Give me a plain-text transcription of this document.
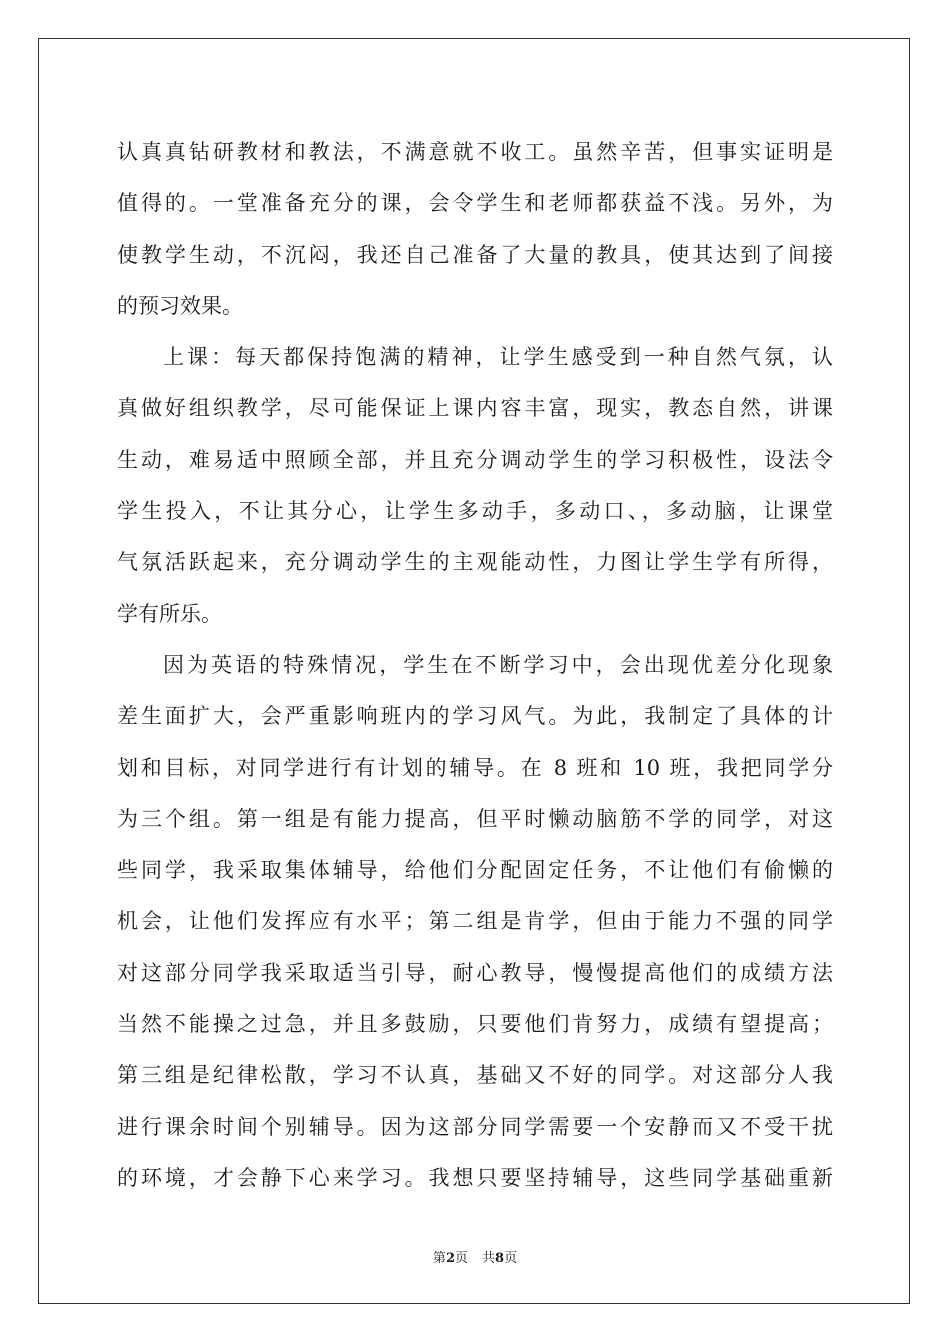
认真真钻研教材和教法，不满意就不收工。虽然辛苦，但事实证明是
值得的。一堂准备充分的课，会令学生和老师都获益不浅。另外，为
使教学生动，不沉闷，我还自己准备了大量的教具，使其达到了间接
的预习效果。
上课：每天都保持饱满的精神，让学生感受到一种自然气氛，认
真做好组织教学，尽可能保证上课内容丰富，现实，教态自然，讲课
生动，难易适中照顾全部，并且充分调动学生的学习积极性，设法令
学生投入，不让其分心，让学生多动手，多动口、，多动脑，让课堂
气氛活跃起来，充分调动学生的主观能动性，力图让学生学有所得，
学有所乐。
因为英语的特殊情况，学生在不断学习中，会出现优差分化现象
差生面扩大，会严重影响班内的学习风气。为此，我制定了具体的计
划和目标，对同学进行有计划的辅导。在 8 班和 10 班，我把同学分
为三个组。第一组是有能力提高，但平时懒动脑筋不学的同学，对这
些同学，我采取集体辅导，给他们分配固定任务，不让他们有偷懒的
机会，让他们发挥应有水平；第二组是肯学，但由于能力不强的同学
对这部分同学我采取适当引导，耐心教导，慢慢提高他们的成绩方法
当然不能操之过急，并且多鼓励，只要他们肯努力，成绩有望提高；
第三组是纪律松散，学习不认真，基础又不好的同学。对这部分人我
进行课余时间个别辅导。因为这部分同学需要一个安静而又不受干扰
的环境，才会静下心来学习。我想只要坚持辅导，这些同学基础重新
第2页 共8页
